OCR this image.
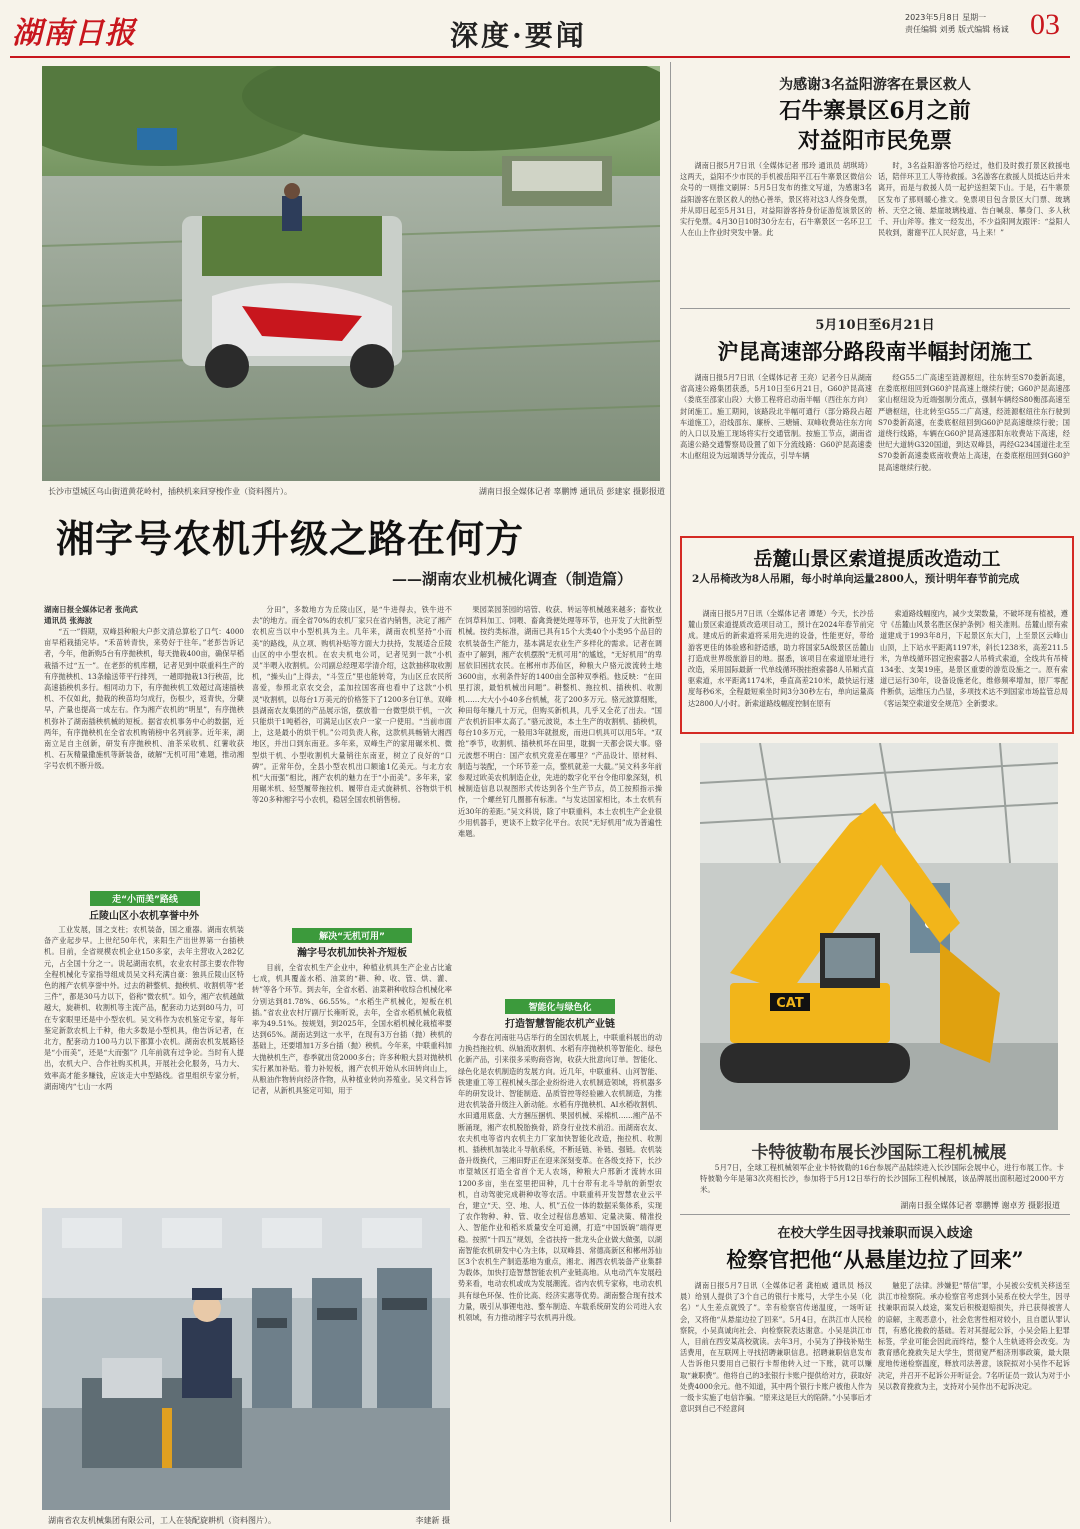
湖南日报	深度·要闻
2023年5月8日 星期一
责任编辑 刘勇 版式编辑 杨诚 03
长沙市望城区乌山街道黄花岭村，插秧机来回穿梭作业（资料图片）。	湖南日报全媒体记者 辜鹏博 通讯员 彭建家 摄影报道
湘字号农机升级之路在何方
——湖南农业机械化调查（制造篇）
湖南日报全媒体记者 张尚武
通讯员 张海波

“五一”假期，双峰县种粮大户彭文清总算松了口气：4000亩早稻栽插完毕。“禾苗转青快，来势好于往年。”老彭告诉记者，今年，他新购5台有序抛秧机，每天抛栽400亩，确保早稻栽插不过“五一”。在老彭的机库棚，记者见到中联重科生产的有序抛秧机、13条输送带平行排列，一趟即抛栽13行秧苗，比高速插秧机多行。相同动力下，有序抛秧机工效超过高速插秧机、不仅如此，抛栽的秧苗均匀成行，伤根少，返青快，分蘖早，产量也提高一成左右。作为湘产农机的“明星”，有序抛秧机弥补了湖南插秧机械的短板。据省农机事务中心的数据，近两年，有序抛秧机在全省农机购销榜中名列前茅。近年来，湖南立足自主创新，研发有序抛秧机、油茶采收机、红薯收获机、石灰精量撒施机等新装备，破解“无机可用”难题，推动湘字号农机不断升级。

走“小而美”路线
丘陵山区小农机享誉中外

工业发展，国之支柱；农机装备，国之重器。湖南农机装备产业起步早。上世纪50年代，来阳生产出世界第一台插秧机。目前，全省规模农机企业150多家，去年主营收入282亿元，占全国十分之一。说起湖南农机，农业农村部主要农作物全程机械化专家指导组成员吴文科充满自豪：独具丘陵山区特色的湘产农机享誉中外。过去的耕整机、抛秧机、收割机等“老三件”，都是30马力以下，俗称“微农机”。如今，湘产农机越做越大，旋耕机、收割机等主流产品，配套动力达到80马力，可在专家眼里还是中小型农机。吴文科作为农机鉴定专家，每年鉴定新款农机上千种，他大多数是小型机具，他告诉记者，在北方，配套动力100马力以下都算小农机。湖南农机发展路径是“小而美”，还是“大而强”？几年前就有过争论。当时有人提出，农机大户、合作社购买机具，开展社会化服务，马力大、效率高才能多赚钱，应该走大中型路线。省里组织专家分析，湖南境内“七山一水两

分田”，多数地方为丘陵山区，是“牛进得去，铁牛进不去”的地方。而全省70%的农机厂家只在省内销售，决定了湘产农机应当以中小型机具为主。几年来，湖南农机坚持“小而美”的路线，从立项、购机补贴等方面大力扶持，发展适合丘陵山区的中小型农机。在农夫机电公司，记者见到一款“小机灵”半喂入收割机。公司副总经理邓学清介绍，这款抽移取收割机，“操头山”上得去，“斗笠丘”里也能转弯，为山区丘农民所喜爱，参照北京农交会，孟加拉国客商也看中了这款“小机灵”收割机，以每台1万美元的价格签下了1200多台订单。双峰县湖南农友集团的产品展示馆，摆放着一台微型烘干机，一次只能烘干1吨稻谷，可满足山区农户一家一户使用。“当前市面上，这是最小的烘干机。”公司负责人称，这款机具畅销大湘西地区，并出口到东南亚。多年来，双峰生产的家用碾米机、微型烘干机、小型收割机大量销往东南亚，树立了良好的“口碑”。正常年份，全县小型农机出口额逾1亿美元。与北方农机“大而强”相比，湘产农机的魅力在于“小而美”。多年来，家用碾米机、轻型履带拖拉机、履带自走式旋耕机、谷物烘干机等20多种湘字号小农机，稳居全国农机销售榜。

解决“无机可用”
瀚字号农机加快补齐短板

目前，全省农机生产企业中，种植业机具生产企业占比逾七成，机具覆盖水稻、油菜的“耕、种、收、管、烘、灌、转”等各个环节。到去年，全省水稻、油菜耕种收综合机械化率分别达到81.78%、66.55%。“水稻生产机械化，短板在机插。”省农业农村厅副厅长雍昕说，去年，全省水稻机械化栽植率为49.51%。按规划，到2025年，全国水稻机械化栽植率要达到65%。湖南达到这一水平，在现有3万台插（抛）秧机的基础上，还要增加1万多台插（抛）秧机。今年来，中联重科加大抛秧机生产，春季就出货2000多台；许多种粮大县对抛秧机实行累加补贴。着力补短板，湘产农机开始从水田转向山上，从粮油作物转向经济作物，从种植业转向养殖业。吴文科告诉记者，从新机具鉴定可知，用于

果园菜园茶园的培管、收获、转运等机械越来越多；畜牧业在饲草料加工、饲喂、畜禽粪便处理等环节，也开发了大批新型机械。按约类标准，湖南已具有15个大类40个小类95个品目的农机装备生产能力，基本满足农业生产多样化的需求。记者在调查中了解到，湘产农机摆脱“无机可用”的尴尬，“无好机用”的卑屈依旧困扰农民。在郴州市苏仙区，种粮大户骆元波流转土地3600亩，水利条件好的1400亩全部种双季稻。他反映：“在田里打滚，最怕机械出问题”。耕整机、拖拉机、插秧机、收割机……大大小小40多台机械，花了200多万元。骆元波算细账，种田每年赚几十万元，但购买新机具，几乎又全花了出去。“国产农机折旧率太高了。”骆元波说，本土生产的收割机、插秧机，每台10多万元，一般用3年就报废，而进口机具可以用5年。“双抢”季节，收割机、插秧机坏在田里，耽搁一天都会误大事。骆元波想不明白：国产农机究竟差在哪里？“产品设计、原材料、制造与装配，一个环节差一点，整机就差一大截。”吴文科多年前参观过欧美农机制造企业，先进的数字化平台令他印象深刻，机械制造信息以视图形式传达到各个生产节点，员工按照指示操作，一个螺丝钉几圈都有标准。“与发达国家相比，本土农机有近30年的差距。”吴文科说，除了中联重科，本土农机生产企业很少用机器手，更谈不上数字化平台。农民“无好机用”成为普遍性难题。

智能化与绿色化
打造智慧智能农机产业链

今春在河南驻马店举行的全国农机展上，中联重科展出的动力换挡拖拉机、纵轴流收割机、水稻有序抛秧机等智能化、绿色化新产品，引来很多采购商咨询，收获大批意向订单。智能化、绿色化是农机制造的发展方向。近几年，中联重科、山河智能、铁建重工等工程机械头部企业纷纷进入农机制造领域，将机器多年的研发设计、智能制造、品质管控等经验融入农机制造，为推进农机装备升级注入新动能。水稻有序抛秧机、AI水稻收割机、水田通用底盘、大方捆压捆机、果园机械、采棉机……湘产品不断涌现，湘产农机脱胎换骨，跻身行业技术前沿。而湖南农友、农夫机电等省内农机主力厂家加快智能化改造，拖拉机、收割机、插秧机加装北斗导航系统，不断延链、补链、强链。农机装备升级换代，三湘田野正在迎来深刻变革。在各级支持下，长沙市望城区打造全省首个无人农场，种粮大户邢新才流转水田1200多亩，坐在室里把田种，几十台带有北斗导航的新型农机，自动驾驶完成耕种收等农活。中联重科开发智慧农业云平台，建立“天、空、地、人、机”五位一体的数据采集体系，实现了农作物种、种、管、收全过程信息感知、定量决策、精准投入、智能作业和稻米质量安全可追溯，打造“中国饭碗”端得更稳。按照“十四五”规划，全省扶持一批龙头企业做大做强，以湖南智能农机研发中心为主体，以双峰县、常德高新区和郴州苏仙区3个农机生产制造基地为重点，湘北、湘西农机装备产业集群为载体，加快打造智慧智能农机产业链高地。从电动汽车发展趋势来看，电动农机或成为发展潮流。省内农机专家称，电动农机具有绿色环保、性价比高、经济实惠等优势。湖南整合现有技术力量，吸引从事锂电池、整车制造、车载系统研发的公司进入农机领域，有力推动湘字号农机再升级。

湖南省农友机械集团有限公司，工人在装配旋耕机（资料图片）。	李建新 摄
为感谢3名益阳游客在景区救人
石牛寨景区6月之前
对益阳市民免票

湖南日报5月7日讯（全媒体记者 邢玲 通讯员 胡琪琦）这两天，益阳不少市民的手机被岳阳平江石牛寨景区微信公众号的一则推文刷屏：5月5日发布的推文写道，为感谢3名益阳游客在景区救人的热心善举，景区将对这3人终身免票，并从即日起至5月31日，对益阳游客持身份证游览该景区的实行免票。4月30日10时30分左右，石牛寨景区一名环卫工人在山上作业时突发中暑。此

时，3名益阳游客恰巧经过，他们及时拨打景区救援电话，陪伴环卫工人等待救援。3名游客在救援人员抵达后并未离开，而是与救援人员一起护送担架下山。于是，石牛寨景区发布了那则暖心推文。免票项目包含景区大门票、玻璃桥、天空之镜、悬崖玻璃栈道、告白喊泉、攀身门、多人秋千、开山斧等。推文一经发出，不少益阳网友跟评：“益阳人民收到，谢谢平江人民好意，马上来！”

5月10日至6月21日
沪昆高速部分路段南半幅封闭施工

湖南日报5月7日讯（全媒体记者 王亮）记者今日从湖南省高速公路集团获悉，5月10日至6月21日，G60沪昆高速（娄底至邵家山段）大修工程将启动南半幅（西往东方向）封闭施工。施工期间，该路段北半幅可通行（部分路段占超车道施工），沿线邵东、廉桥、三塘铺、双峰收费站往东方向的入口以及施工现场将实行交通管制。按施工节点，湖南省高速公路交通警察局设置了如下分流线路：G60沪昆高速娄木山枢纽设为远端诱导分流点，引导车辆

经G55二广高速至涟源枢纽，往东转至S70娄新高速，在娄底枢纽回到G60沪昆高速上继续行驶；G60沪昆高速邵家山枢纽设为近端强制分流点，强制车辆经S80衡邵高速至严塘枢纽，往北转至G55二广高速，经涟源枢纽往东行驶到S70娄新高速，在娄底枢纽回到G60沪昆高速继续行驶；国道绕行线路，车辆在G60沪昆高速邵阳东收费站下高速，经世纪大道转G320国道，到达双峰县，再经G234国道往北至S70娄新高速娄底南收费站上高速，在娄底枢纽回到G60沪昆高速继续行驶。

岳麓山景区索道提质改造动工
2人吊椅改为8人吊厢，每小时单向运量2800人，预计明年春节前完成

湖南日报5月7日讯（全媒体记者 谭楚）今天，长沙岳麓山景区索道提质改造项目动工，预计在2024年春节前完成。建成后的新索道将采用先进的设备，性能更好，带给游客更佳的体验感和舒适感，助力将国家5A级景区岳麓山打造成世界级旅游目的地。据悉，该项目在索道原址进行改造，采用国际最新一代单线循环脱挂抱索器8人吊厢式直驱索道，水平距离1174米，垂直高差210米，最快运行速度每秒6米，全程最短乘坐时间3分30秒左右，单向运量高达2800人/小时。新索道路线幅度控制在原有

索道路线幅度内，减少支架数量，不破坏现有植被，遵守《岳麓山风景名胜区保护条例》相关准则。岳麓山原有索道建成于1993年8月，下起景区东大门，上至景区云峰山山顶，上下站水平距离1197米，斜长1238米，高差211.5米，为单线循环固定抱索器2人吊椅式索道，全线共有吊椅134张、支架19座，是景区重要的游览设施之一。原有索道已运行30年，设备设施老化，维修频率增加，原厂零配件断供，运维压力凸显，多项技术达不到国家市场监管总局《客运架空索道安全规范》全新要求。

CAT
卡特彼勒布展长沙国际工程机械展

5月7日，全球工程机械领军企业卡特彼勒的16台参展产品陆续进入长沙国际会展中心，进行布展工作。卡特彼勒今年是第3次亮相长沙，参加将于5月12日举行的长沙国际工程机械展，该品牌展出面积超过2000平方米。

湖南日报全媒体记者 辜鹏博 谢卓芳 摄影报道
在校大学生因寻找兼职而误入歧途
检察官把他“从悬崖边拉了回来”

湖南日报5月7日讯（全媒体记者 龚柏威 通讯员 杨汉晨）给别人提供了3个自己的银行卡账号，大学生小吴（化名）“人生差点就毁了”。幸有检察官传递温度，一场听证会，又将他“从悬崖边拉了回来”。5月4日，在洪江市人民检察院，小吴真诚向社会、向检察院表达谢意。小吴是洪江市人，目前在西安某高校就读。去年3月，小吴为了挣钱补贴生活费用，在互联网上寻找招聘兼职信息。招聘兼职信息发布人告诉他只要用自己银行卡帮他转入过一下账，就可以赚取“兼职费”。他将自己的3张银行卡账户提供给对方，获取好处费4000余元。他不知道，其中两个银行卡账户被他人作为一级卡实施了电信诈骗。“原来这是巨大的陷阱。”小吴事后才意识到自己不经意间

触犯了法律。涉嫌犯“帮信”罪，小吴被公安机关移送至洪江市检察院。承办检察官考虑到小吴系在校大学生，因寻找兼职而误入歧途，案发后积极退赔损失，并已获得被害人的谅解，主观恶意小，社会危害性相对较小，且自愿认罪认罚，有感化挽救的基础。若对其提起公诉，小吴会陷上犯罪标签，学业可能会因此而终结，整个人生轨迹将会改变。为教育感化挽救失足大学生，贯彻宽严相济刑事政策，最大限度地传递检察温度，释放司法善意，该院拟对小吴作不起诉决定，并召开不起诉公开听证会。7名听证员一致认为对于小吴以教育挽救为主，支持对小吴作出不起诉决定。
